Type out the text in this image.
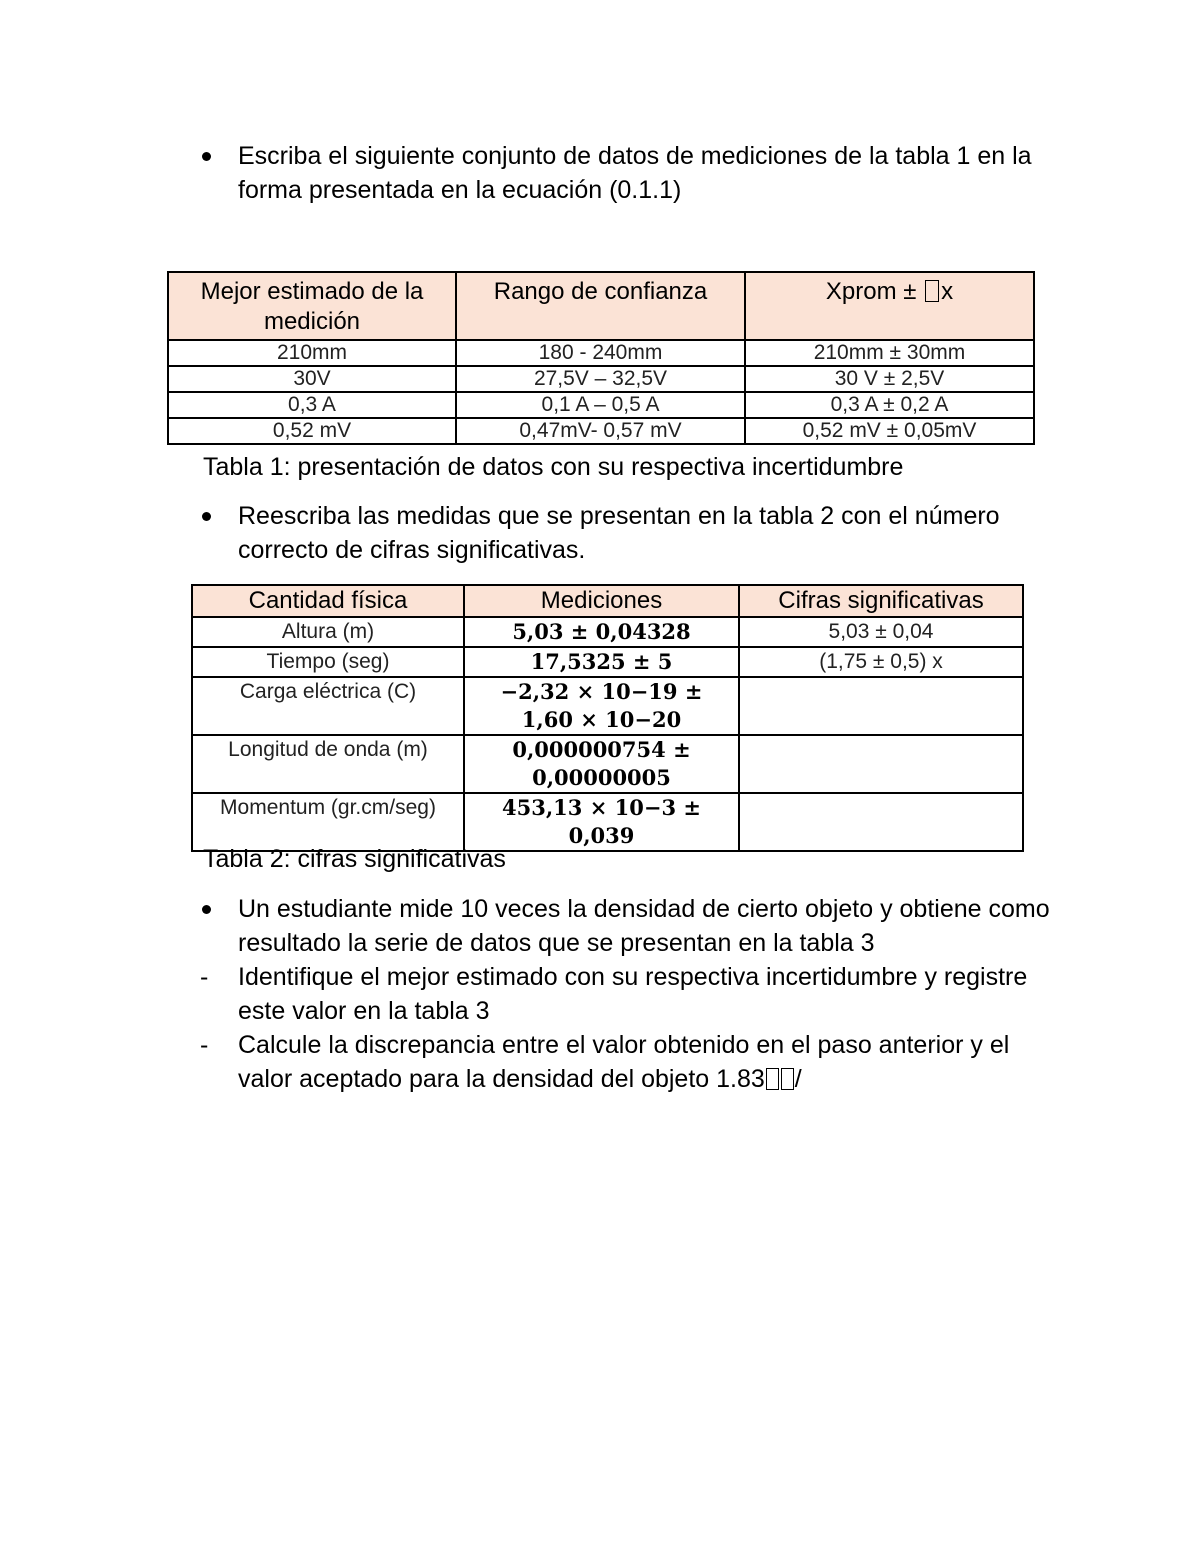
Escriba el siguiente conjunto de datos de mediciones de la tabla 1 en la forma presentada en la ecuación (0.1.1)
Mejor estimado de la medición	Rango de confianza	Xprom ± x
210mm	180 - 240mm	210mm ± 30mm
30V	27,5V – 32,5V	30 V ± 2,5V
0,3 A	0,1 A – 0,5 A	0,3 A ± 0,2 A
0,52 mV	0,47mV- 0,57 mV	0,52 mV ± 0,05mV
Tabla 1: presentación de datos con su respectiva incertidumbre
Reescriba las medidas que se presentan en la tabla 2 con el número correcto de cifras significativas.
Cantidad física	Mediciones	Cifras significativas
Altura (m)	𝟓,𝟎𝟑 ± 𝟎,𝟎𝟒𝟑𝟐𝟖	5,03 ± 0,04
Tiempo (seg)	𝟏𝟕,𝟓𝟑𝟐𝟓 ± 𝟓	(1,75 ± 0,5) x
Carga eléctrica (C)	−𝟐,𝟑𝟐 × 𝟏𝟎−𝟏𝟗 ±
𝟏,𝟔𝟎 × 𝟏𝟎−𝟐𝟎	

Longitud de onda (m)	𝟎,𝟎𝟎𝟎𝟎𝟎𝟎𝟕𝟓𝟒 ±
𝟎,𝟎𝟎𝟎𝟎𝟎𝟎𝟎𝟓	

Momentum (gr.cm/seg)	𝟒𝟓𝟑,𝟏𝟑 × 𝟏𝟎−𝟑 ±
𝟎,𝟎𝟑𝟗	

Tabla 2: cifras significativas
Un estudiante mide 10 veces la densidad de cierto objeto y obtiene como resultado la serie de datos que se presentan en la tabla 3
-	Identifique el mejor estimado con su respectiva incertidumbre y registre este valor en la tabla 3
-	Calcule la discrepancia entre el valor obtenido en el paso anterior y el valor aceptado para la densidad del objeto 1.83 /
